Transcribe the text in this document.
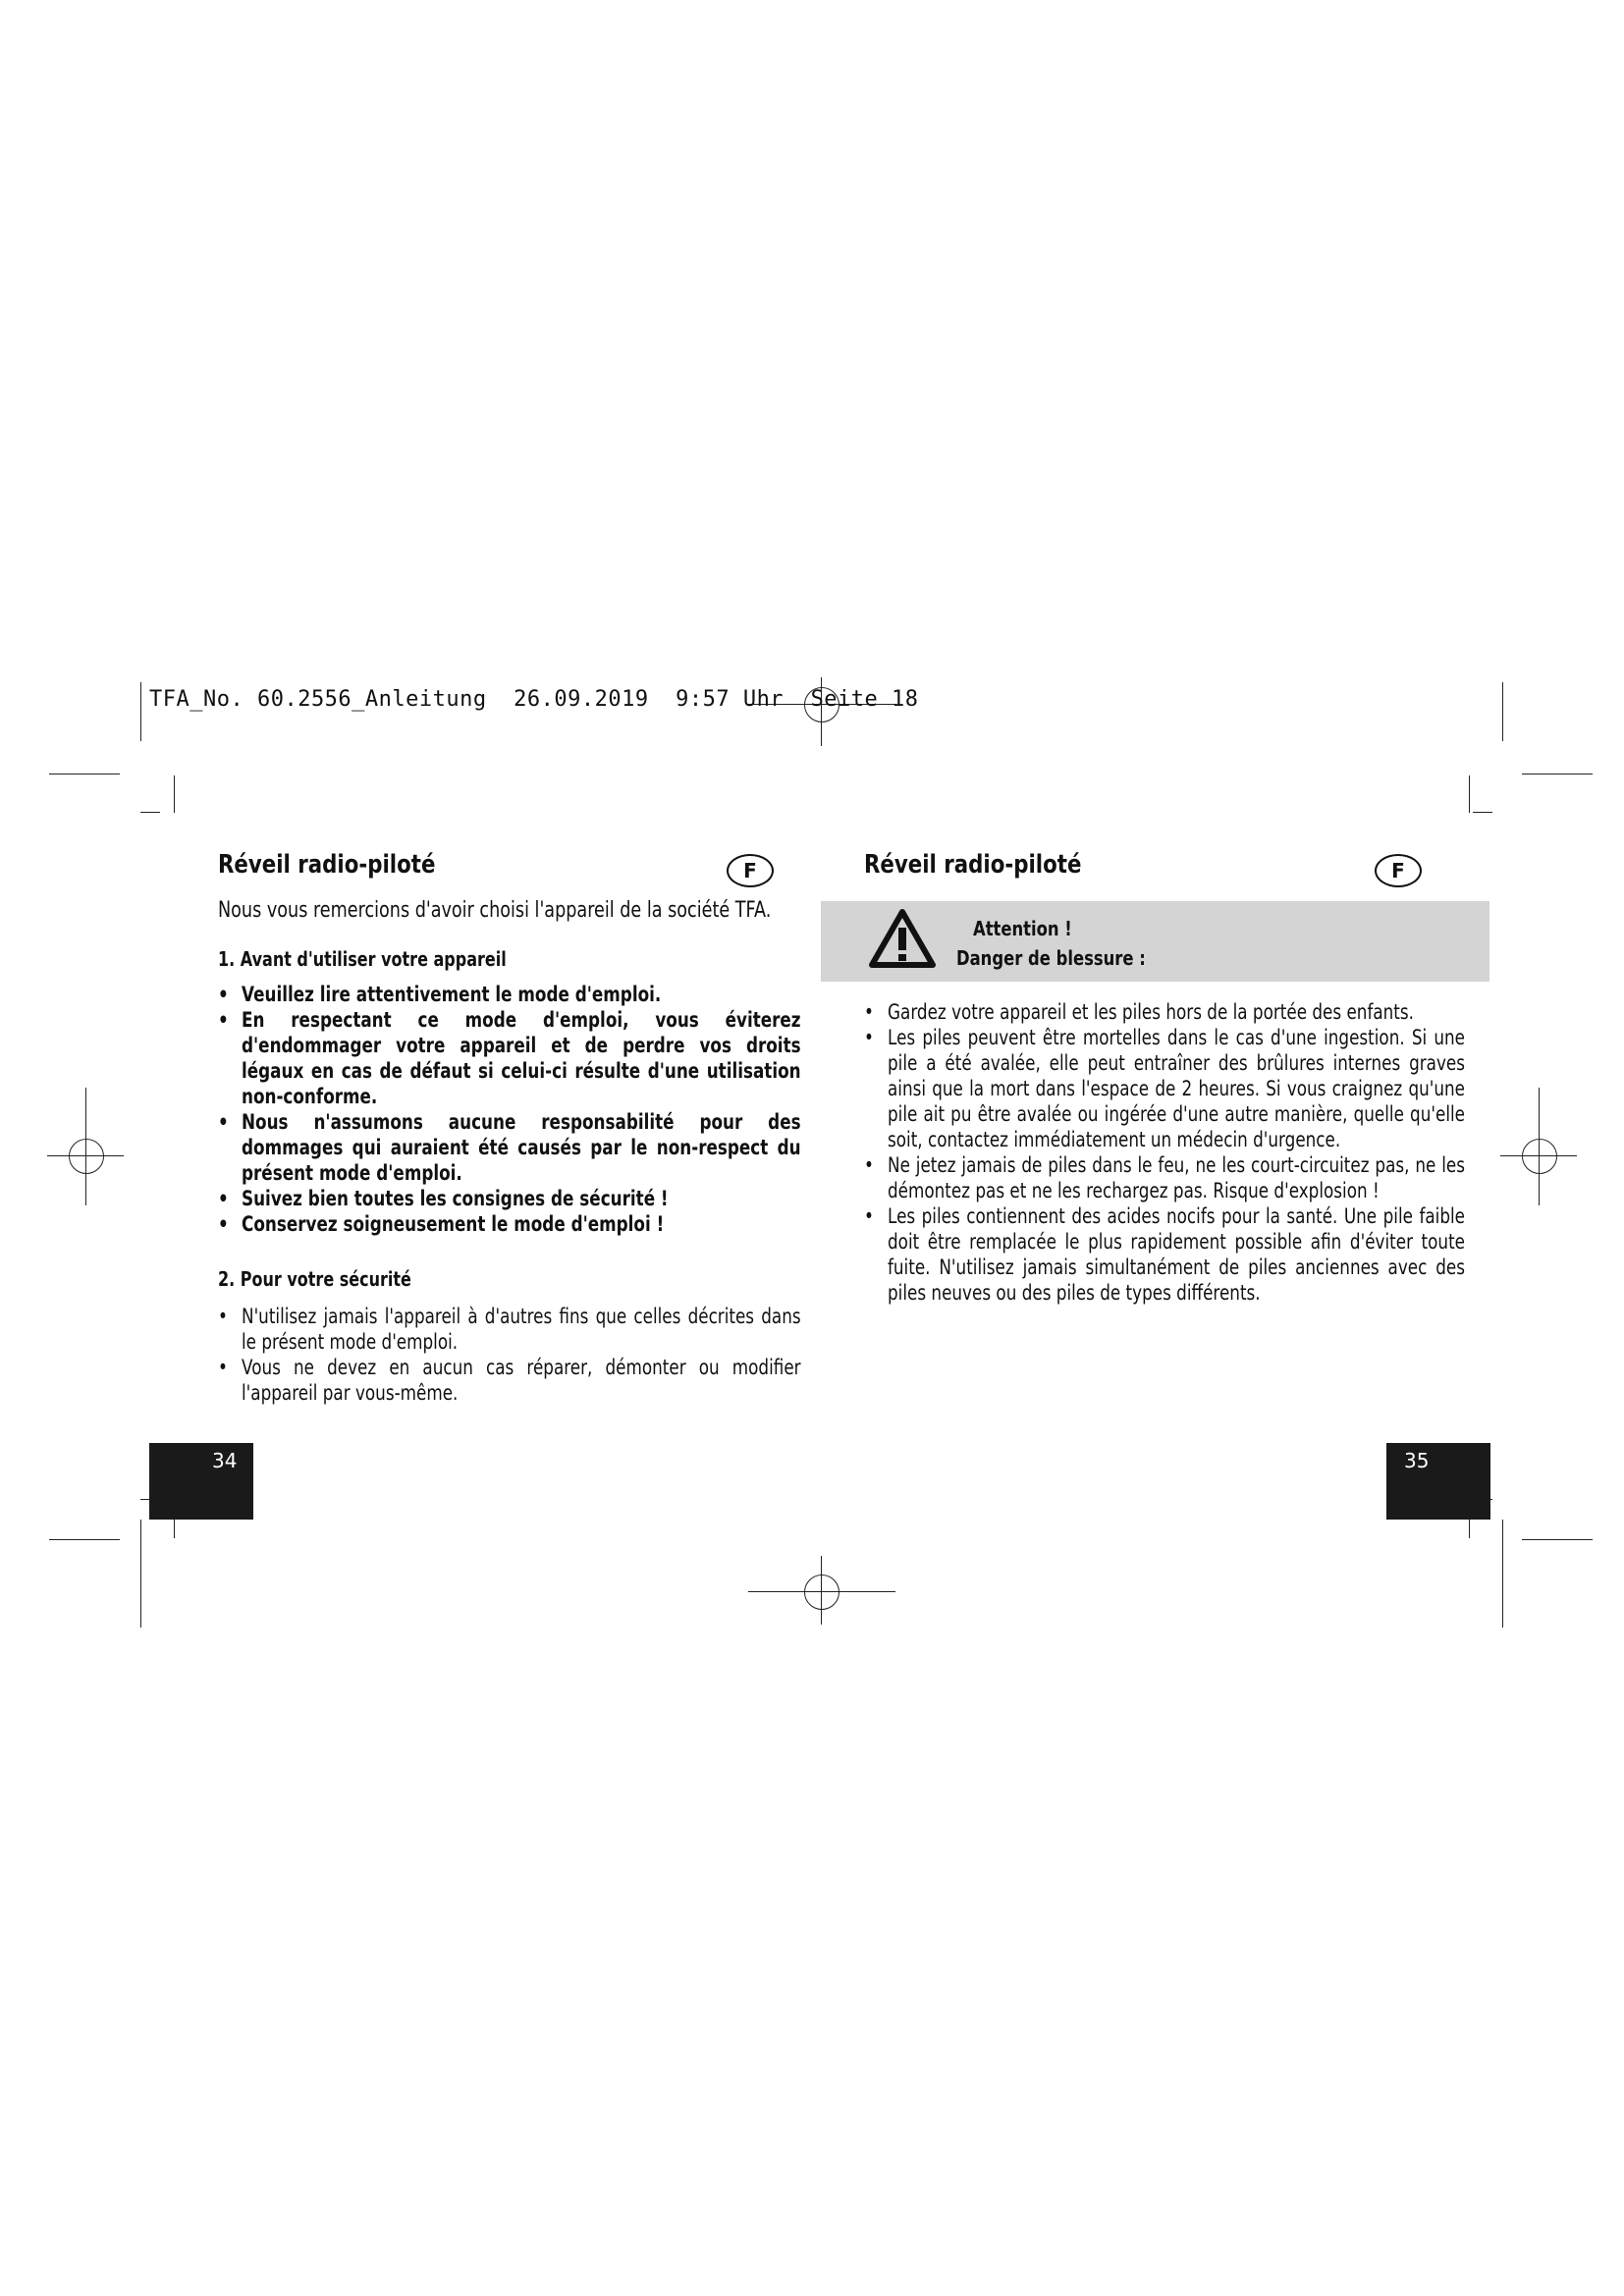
TFA_No. 60.2556_Anleitung 26.09.2019 9:57 Uhr Seite 18
Réveil radio-piloté	F

Nous vous remercions d'avoir choisi l'appareil de la société TFA.

1. Avant d'utiliser votre appareil
• Veuillez lire attentivement le mode d'emploi.
• En respectant ce mode d'emploi, vous éviterez d'endommager votre appareil et de perdre vos droits légaux en cas de défaut si celui-ci résulte d'une utilisation non-conforme.
• Nous n'assumons aucune responsabilité pour des dommages qui auraient été causés par le non-respect du présent mode d'emploi.
• Suivez bien toutes les consignes de sécurité !
• Conservez soigneusement le mode d'emploi !
2. Pour votre sécurité
• N'utilisez jamais l'appareil à d'autres fins que celles décrites dans le présent mode d'emploi.
• Vous ne devez en aucun cas réparer, démonter ou modifier l'appareil par vous-même.
34
Réveil radio-piloté	F
Attention !
Danger de blessure :
• Gardez votre appareil et les piles hors de la portée des enfants.
• Les piles peuvent être mortelles dans le cas d'une ingestion. Si une pile a été avalée, elle peut entraîner des brûlures internes graves ainsi que la mort dans l'espace de 2 heures. Si vous craignez qu'une pile ait pu être avalée ou ingérée d'une autre manière, quelle qu'elle soit, contactez immédiatement un médecin d'urgence.
• Ne jetez jamais de piles dans le feu, ne les court-circuitez pas, ne les démontez pas et ne les rechargez pas. Risque d'explosion !
• Les piles contiennent des acides nocifs pour la santé. Une pile faible doit être remplacée le plus rapidement possible afin d'éviter toute fuite. N'utilisez jamais simultanément de piles anciennes avec des piles neuves ou des piles de types différents.
35
